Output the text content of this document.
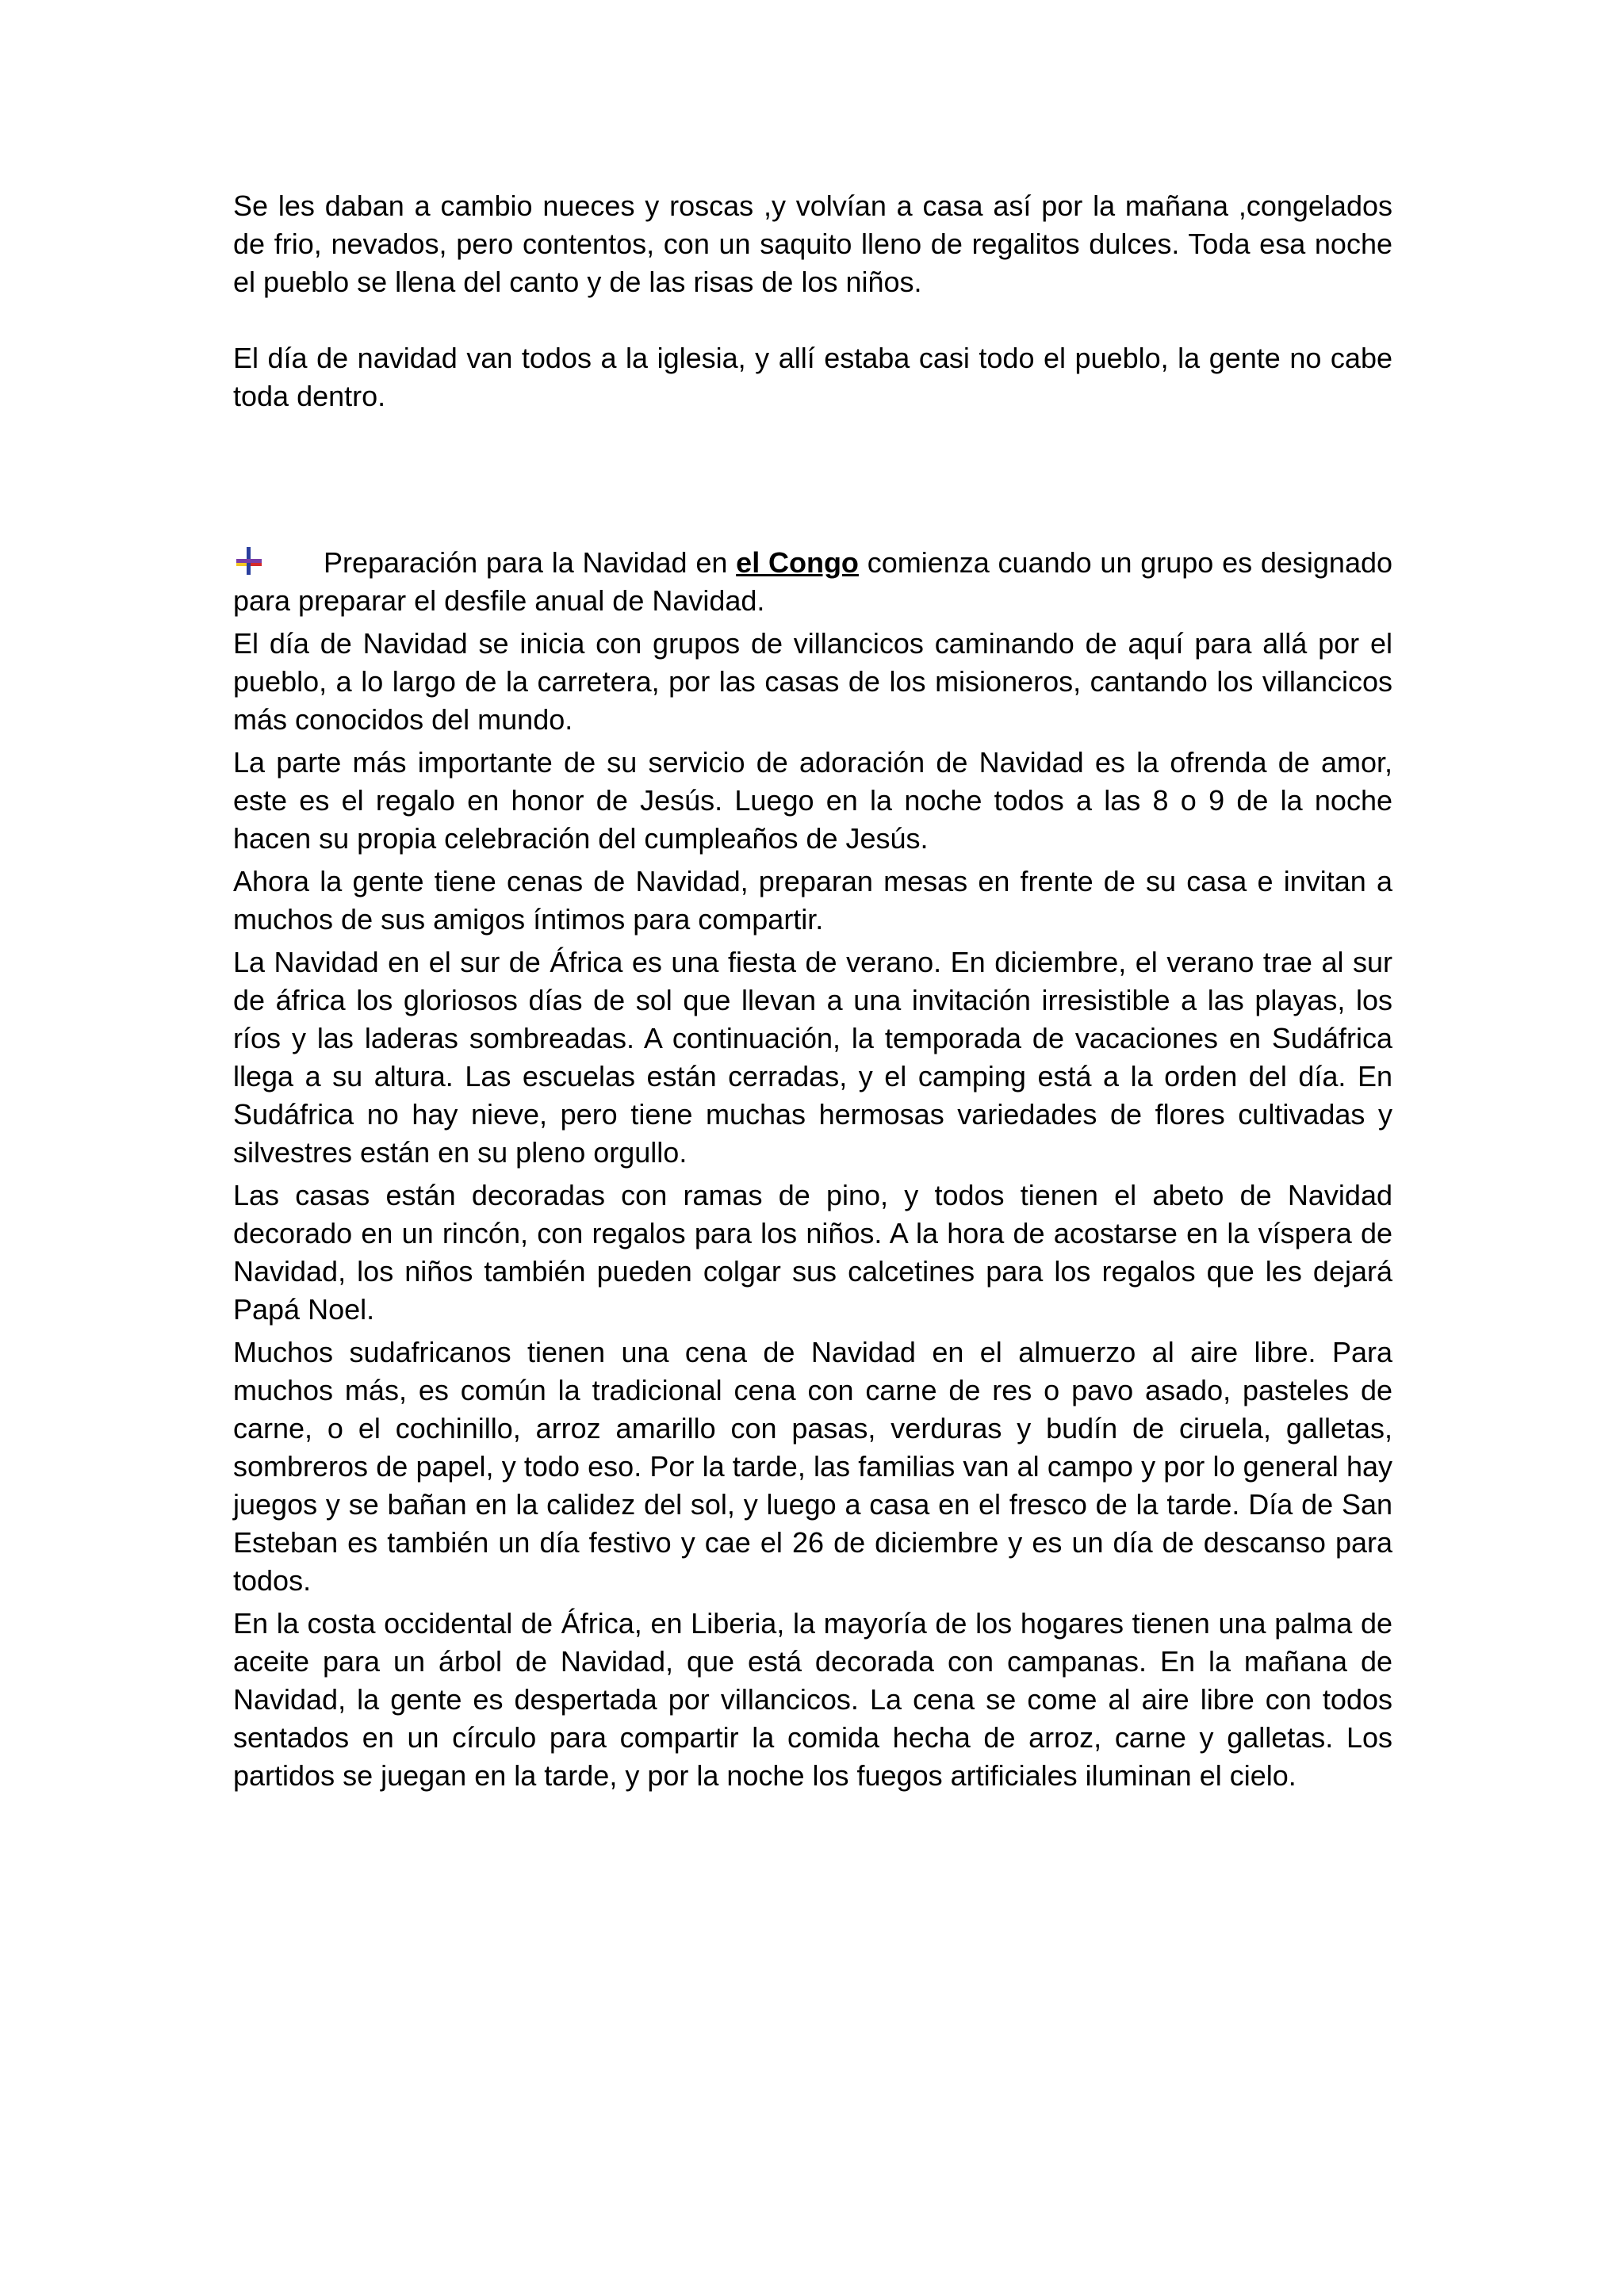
Se les daban a cambio nueces y roscas ,y volvían a casa así por la mañana ,congelados de frio, nevados, pero contentos, con un saquito lleno de regalitos dulces. Toda esa noche el pueblo se llena del canto y de las risas de los niños.

El día de navidad van todos a la iglesia, y allí estaba casi todo el pueblo, la gente no cabe toda dentro.

Preparación para la Navidad en el Congo comienza cuando un grupo es designado para preparar el desfile anual de Navidad.

El día de Navidad se inicia con grupos de villancicos caminando de aquí para allá por el pueblo, a lo largo de la carretera, por las casas de los misioneros, cantando los villancicos más conocidos del mundo.

La parte más importante de su servicio de adoración de Navidad es la ofrenda de amor, este es el regalo en honor de Jesús. Luego en la noche todos a las 8 o 9 de la noche hacen su propia celebración del cumpleaños de Jesús.

Ahora la gente tiene cenas de Navidad, preparan mesas en frente de su casa e invitan a muchos de sus amigos íntimos para compartir.

La Navidad en el sur de África es una fiesta de verano. En diciembre, el verano trae al sur de áfrica los gloriosos días de sol que llevan a una invitación irresistible a las playas, los ríos y las laderas sombreadas. A continuación, la temporada de vacaciones en Sudáfrica llega a su altura. Las escuelas están cerradas, y el camping está a la orden del día. En Sudáfrica no hay nieve, pero tiene muchas hermosas variedades de flores cultivadas y silvestres están en su pleno orgullo.

Las casas están decoradas con ramas de pino, y todos tienen el abeto de Navidad decorado en un rincón, con regalos para los niños. A la hora de acostarse en la víspera de Navidad, los niños también pueden colgar sus calcetines para los regalos que les dejará Papá Noel.

Muchos sudafricanos tienen una cena de Navidad en el almuerzo al aire libre. Para muchos más, es común la tradicional cena con carne de res o pavo asado, pasteles de carne, o el cochinillo, arroz amarillo con pasas, verduras y budín de ciruela, galletas, sombreros de papel, y todo eso. Por la tarde, las familias van al campo y por lo general hay juegos y se bañan en la calidez del sol, y luego a casa en el fresco de la tarde. Día de San Esteban es también un día festivo y cae el 26 de diciembre y es un día de descanso para todos.

En la costa occidental de África, en Liberia, la mayoría de los hogares tienen una palma de aceite para un árbol de Navidad, que está decorada con campanas. En la mañana de Navidad, la gente es despertada por villancicos. La cena se come al aire libre con todos sentados en un círculo para compartir la comida hecha de arroz, carne y galletas. Los partidos se juegan en la tarde, y por la noche los fuegos artificiales iluminan el cielo.
